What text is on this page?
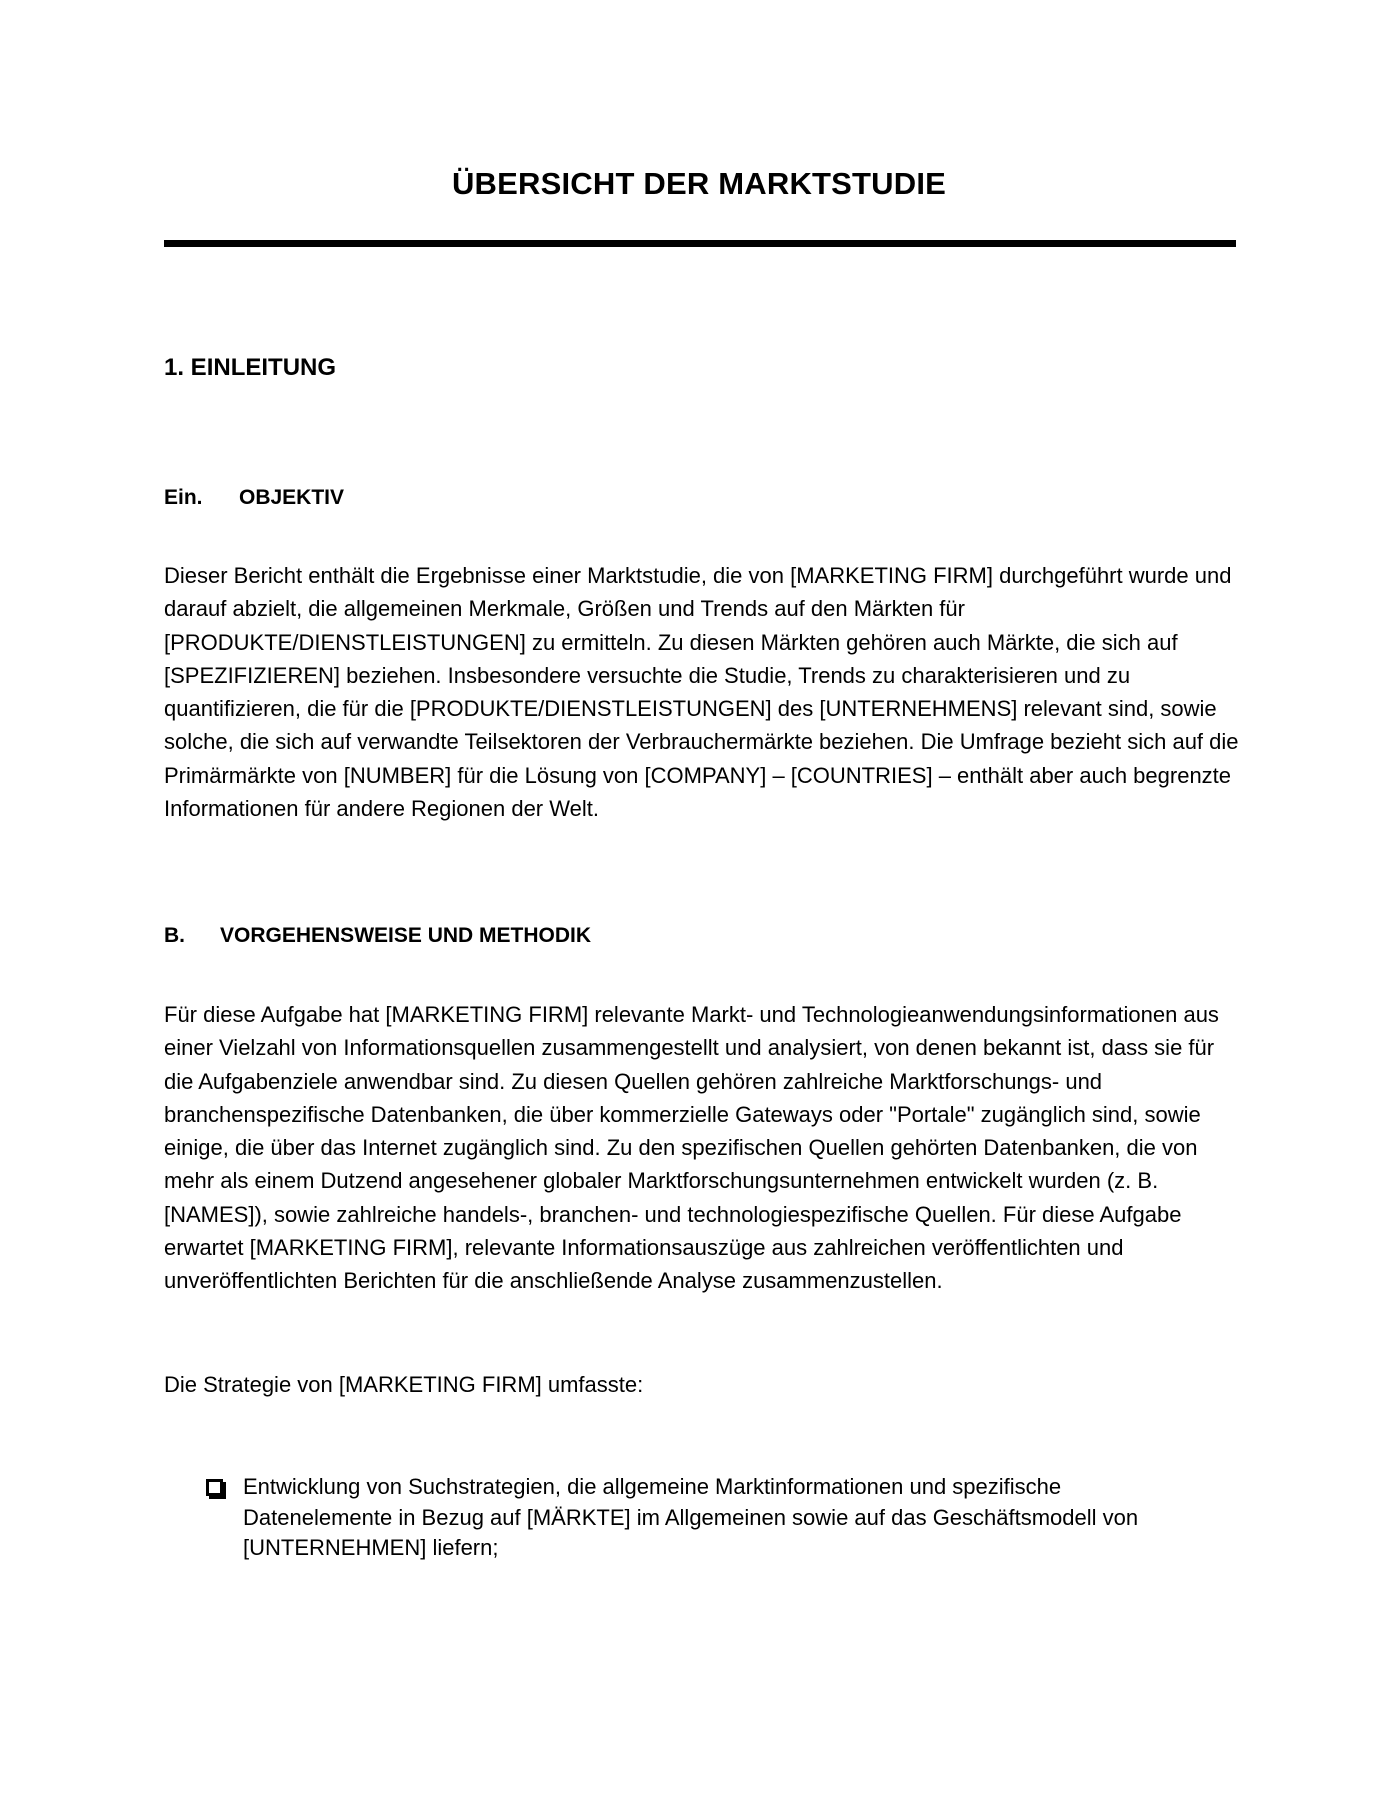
ÜBERSICHT DER MARKTSTUDIE
1. EINLEITUNG
Ein.	OBJEKTIV

Dieser Bericht enthält die Ergebnisse einer Marktstudie, die von [MARKETING FIRM] durchgeführt wurde und darauf abzielt, die allgemeinen Merkmale, Größen und Trends auf den Märkten für [PRODUKTE/DIENSTLEISTUNGEN] zu ermitteln. Zu diesen Märkten gehören auch Märkte, die sich auf [SPEZIFIZIEREN] beziehen. Insbesondere versuchte die Studie, Trends zu charakterisieren und zu quantifizieren, die für die [PRODUKTE/DIENSTLEISTUNGEN] des [UNTERNEHMENS] relevant sind, sowie solche, die sich auf verwandte Teilsektoren der Verbrauchermärkte beziehen. Die Umfrage bezieht sich auf die Primärmärkte von [NUMBER] für die Lösung von [COMPANY] – [COUNTRIES] – enthält aber auch begrenzte Informationen für andere Regionen der Welt.

B.	VORGEHENSWEISE UND METHODIK

Für diese Aufgabe hat [MARKETING FIRM] relevante Markt- und Technologieanwendungsinformationen aus einer Vielzahl von Informationsquellen zusammengestellt und analysiert, von denen bekannt ist, dass sie für die Aufgabenziele anwendbar sind. Zu diesen Quellen gehören zahlreiche Marktforschungs- und branchenspezifische Datenbanken, die über kommerzielle Gateways oder "Portale" zugänglich sind, sowie einige, die über das Internet zugänglich sind. Zu den spezifischen Quellen gehörten Datenbanken, die von mehr als einem Dutzend angesehener globaler Marktforschungsunternehmen entwickelt wurden (z. B. [NAMES]), sowie zahlreiche handels-, branchen- und technologiespezifische Quellen. Für diese Aufgabe erwartet [MARKETING FIRM], relevante Informationsauszüge aus zahlreichen veröffentlichten und unveröffentlichten Berichten für die anschließende Analyse zusammenzustellen.

Die Strategie von [MARKETING FIRM] umfasste:

Entwicklung von Suchstrategien, die allgemeine Marktinformationen und spezifische Datenelemente in Bezug auf [MÄRKTE] im Allgemeinen sowie auf das Geschäftsmodell von [UNTERNEHMEN] liefern;
